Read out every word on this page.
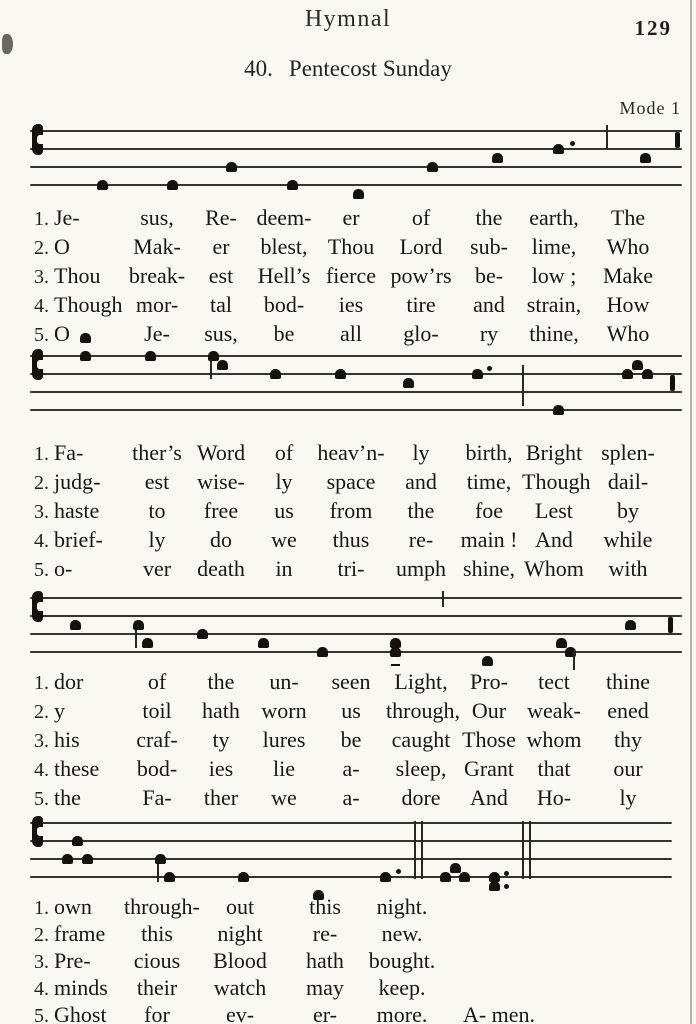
Hymnal	129
40. Pentecost Sunday
Mode 1
1. Je-	sus,	Re- deem-	er	of	the	earth,	The
2. O	Mak-	er	blest, Thou	Lord	sub-	lime,	Who
3. Thou	break-	est	Hell’s fierce pow’rs	be-	low ;	Make
4. Though mor-	tal	bod-	ies	tire	and strain,	How
5. O	Je-	sus,	be	all	glo-	ry	thine,	Who
1. Fa-	ther’s Word	of	heav’n-	ly	birth, Bright splen-
2. judg-	est	wise-	ly	space	and	time, Though dail-
3. haste	to	free	us	from	the	foe	Lest	by
4. brief-	ly	do	we	thus	re-	main ! And	while
5. o-	ver	death	in	tri-	umph shine, Whom	with
1. dor	of	the	un-	seen	Light,	Pro-	tect	thine
2. y	toil	hath worn	us	through, Our weak-	ened
3. his	craf-	ty	lures	be	caught Those whom	thy
4. these	bod-	ies	lie	a-	sleep, Grant	that	our
5. the	Fa-	ther	we	a-	dore	And	Ho-	ly
1. own	through-	out	this	night.
2. frame	this	night	re-	new.
3. Pre-	cious	Blood	hath	bought.
4. minds	their	watch	may	keep.
5. Ghost	for	ev-	er-	more.	A- men.
